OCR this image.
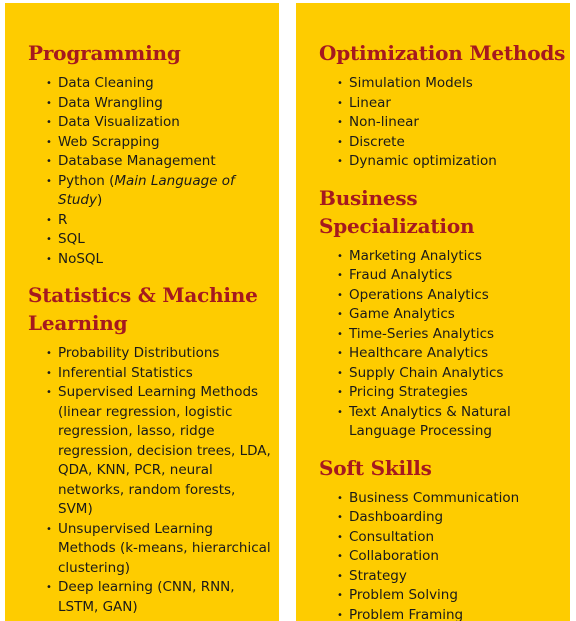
Programming
• Data Cleaning
• Data Wrangling
• Data Visualization
• Web Scrapping
• Database Management
• Python (Main Language of Study)
• R
• SQL
• NoSQL
Statistics & Machine Learning
• Probability Distributions
• Inferential Statistics
• Supervised Learning Methods (linear regression, logistic regression, lasso, ridge regression, decision trees, LDA, QDA, KNN, PCR, neural networks, random forests, SVM)
• Unsupervised Learning Methods (k-means, hierarchical clustering)
• Deep learning (CNN, RNN, LSTM, GAN)
Optimization Methods
• Simulation Models
• Linear
• Non-linear
• Discrete
• Dynamic optimization
Business Specialization
• Marketing Analytics
• Fraud Analytics
• Operations Analytics
• Game Analytics
• Time-Series Analytics
• Healthcare Analytics
• Supply Chain Analytics
• Pricing Strategies
• Text Analytics & Natural Language Processing
Soft Skills
• Business Communication
• Dashboarding
• Consultation
• Collaboration
• Strategy
• Problem Solving
• Problem Framing
